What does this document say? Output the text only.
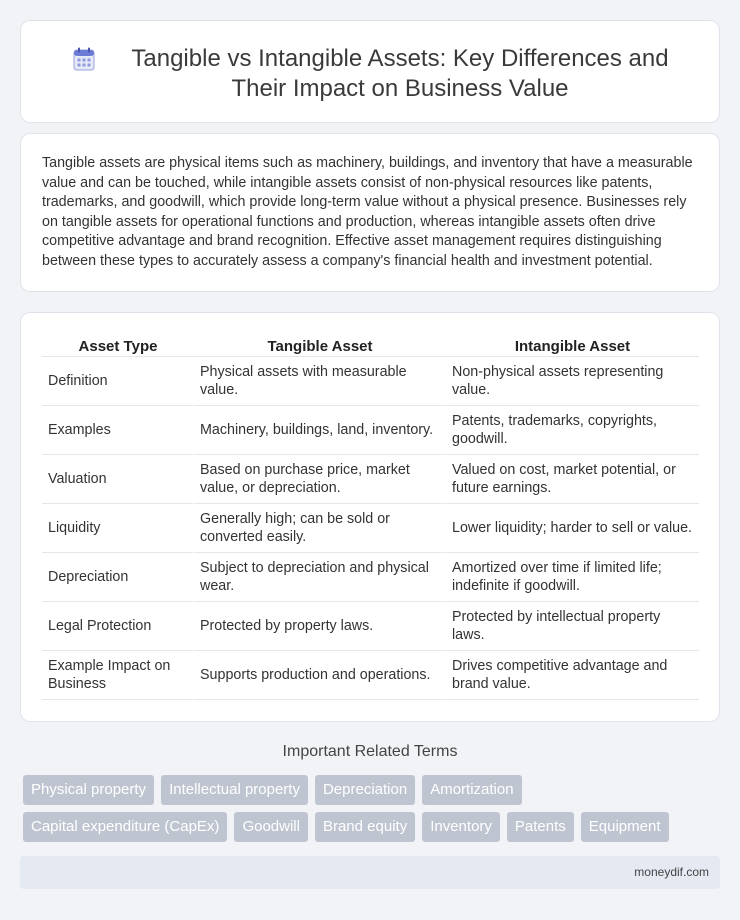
Tangible vs Intangible Assets: Key Differences and Their Impact on Business Value

Tangible assets are physical items such as machinery, buildings, and inventory that have a measurable value and can be touched, while intangible assets consist of non-physical resources like patents, trademarks, and goodwill, which provide long-term value without a physical presence. Businesses rely on tangible assets for operational functions and production, whereas intangible assets often drive competitive advantage and brand recognition. Effective asset management requires distinguishing between these types to accurately assess a company's financial health and investment potential.

Asset Type	Tangible Asset	Intangible Asset
Definition	Physical assets with measurable value.	Non-physical assets representing value.
Examples	Machinery, buildings, land, inventory.	Patents, trademarks, copyrights, goodwill.
Valuation	Based on purchase price, market value, or depreciation.	Valued on cost, market potential, or future earnings.
Liquidity	Generally high; can be sold or converted easily.	Lower liquidity; harder to sell or value.
Depreciation	Subject to depreciation and physical wear.	Amortized over time if limited life; indefinite if goodwill.
Legal Protection	Protected by property laws.	Protected by intellectual property laws.
Example Impact on Business	Supports production and operations.	Drives competitive advantage and brand value.
Important Related Terms
Physical property	Intellectual property	Depreciation	Amortization
Capital expenditure (CapEx)	Goodwill	Brand equity	Inventory	Patents	Equipment
moneydif.com
